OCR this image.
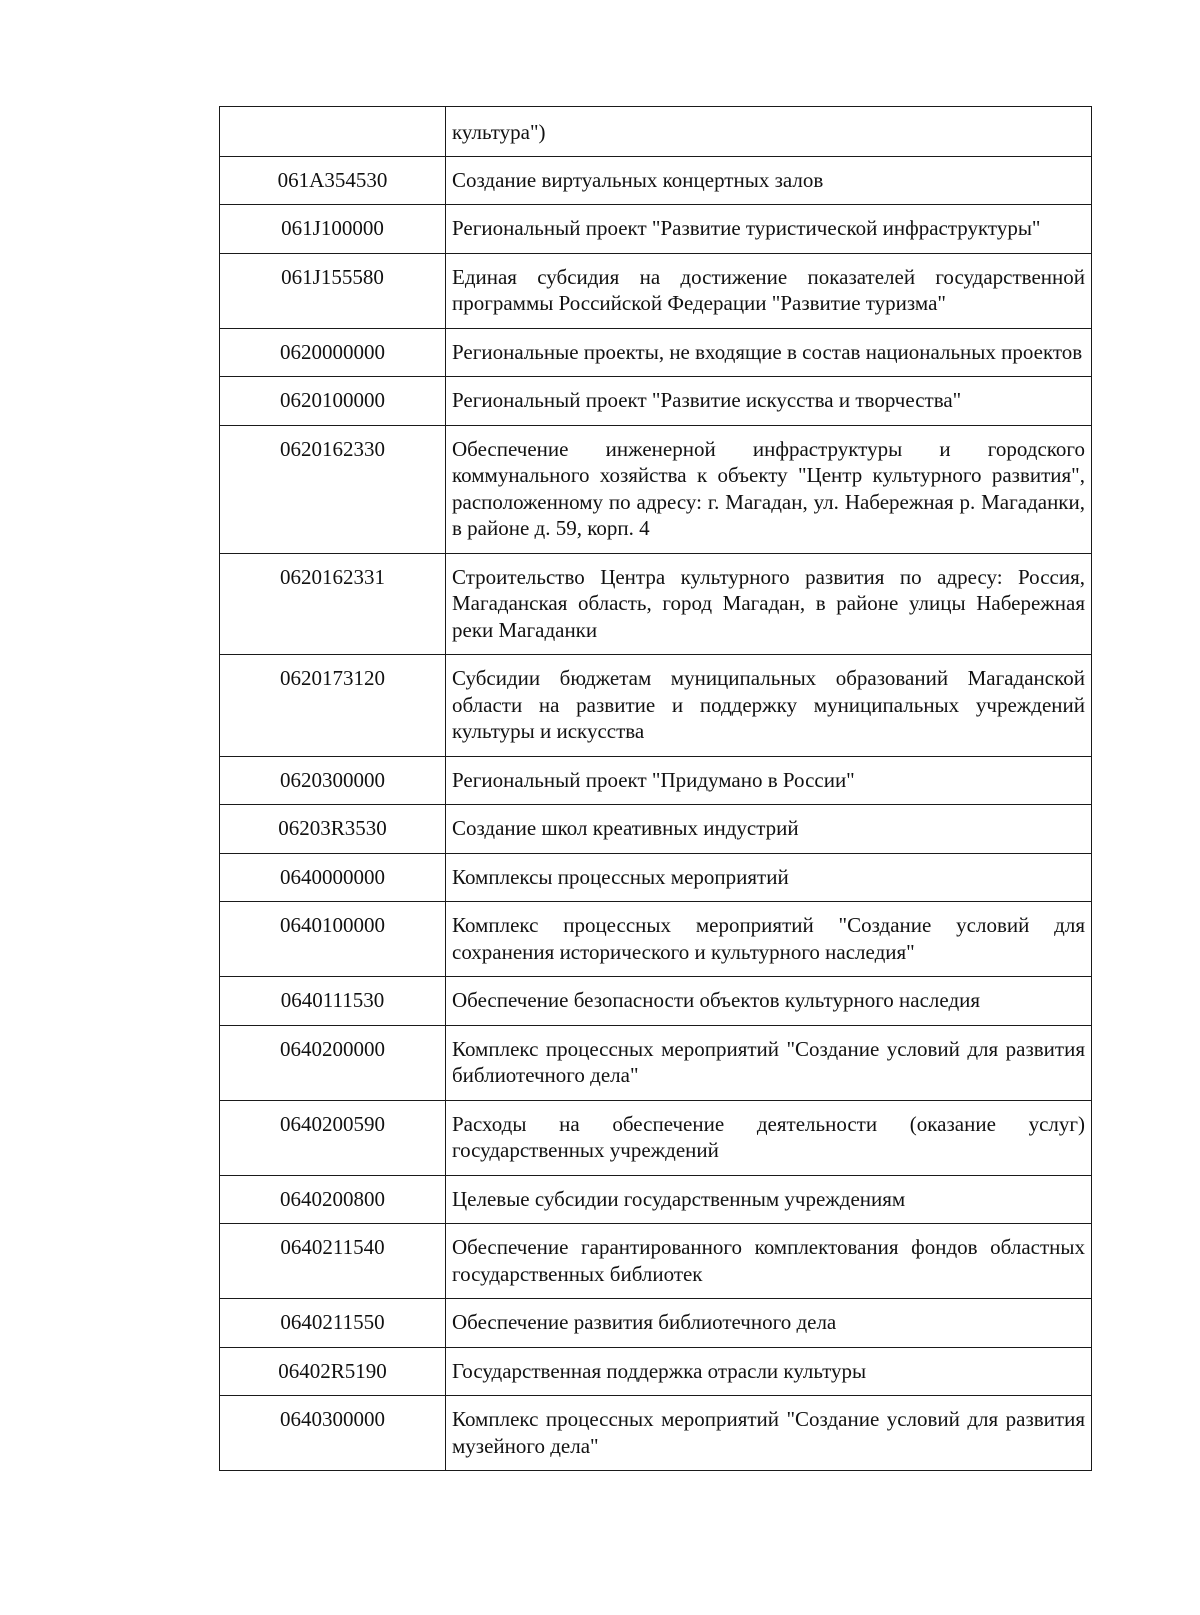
	культура")
061A354530	Создание виртуальных концертных залов
061J100000	Региональный проект "Развитие туристической инфраструктуры"
061J155580	Единая субсидия на достижение показателей государственной программы Российской Федерации "Развитие туризма"
0620000000	Региональные проекты, не входящие в состав национальных проектов
0620100000	Региональный проект "Развитие искусства и творчества"
0620162330	Обеспечение инженерной инфраструктуры и городского коммунального хозяйства к объекту "Центр культурного развития", расположенному по адресу: г. Магадан, ул. Набережная р. Магаданки, в районе д. 59, корп. 4
0620162331	Строительство Центра культурного развития по адресу: Россия, Магаданская область, город Магадан, в районе улицы Набережная реки Магаданки
0620173120	Субсидии бюджетам муниципальных образований Магаданской области на развитие и поддержку муниципальных учреждений культуры и искусства
0620300000	Региональный проект "Придумано в России"
06203R3530	Создание школ креативных индустрий
0640000000	Комплексы процессных мероприятий
0640100000	Комплекс процессных мероприятий "Создание условий для сохранения исторического и культурного наследия"
0640111530	Обеспечение безопасности объектов культурного наследия
0640200000	Комплекс процессных мероприятий "Создание условий для развития библиотечного дела"
0640200590	Расходы на обеспечение деятельности (оказание услуг) государственных учреждений
0640200800	Целевые субсидии государственным учреждениям
0640211540	Обеспечение гарантированного комплектования фондов областных государственных библиотек
0640211550	Обеспечение развития библиотечного дела
06402R5190	Государственная поддержка отрасли культуры
0640300000	Комплекс процессных мероприятий "Создание условий для развития музейного дела"
